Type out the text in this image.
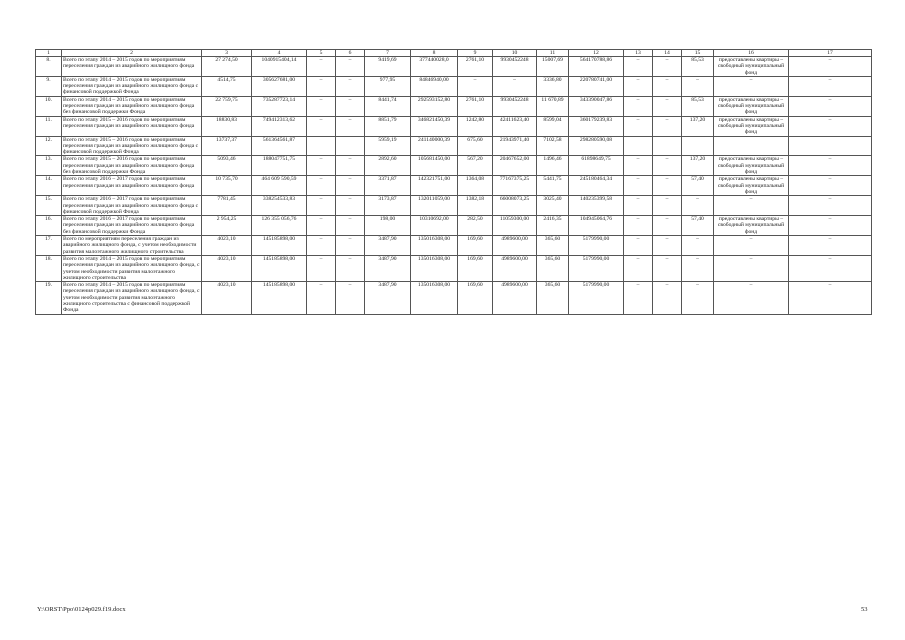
1	2	3	4	5	6	7	8	9	10	11	12	13	14	15	16	17
8.	Всего по этапу 2014 – 2015 годов по мероприятиям переселения граждан из аварийного жилищного фонда	27 274,50	1040915404,14	–	–	9419,69	377440028,0	2761,10	9930452248	15007,69	564170788,86	–	–	85,53	предоставлены квартиры – свободный муниципальный фонд	–
9.	Всего по этапу 2014 – 2015 годов по мероприятиям переселения граждан из аварийного жилищного фонда с финансовой поддержкой Фонда	4514,75	305627681,00	–	–	977,95	84846940,00	–	–	3336,80	220780741,00	–	–	–	–	–
10.	Всего по этапу 2014 – 2015 годов по мероприятиям переселения граждан из аварийного жилищного фонда без финансовой поддержки Фонда	22 759,75	735287723,14	–	–	8441,74	292593152,80	2761,10	9930452248	11 670,89	343390047,86	–	–	85,53	предоставлены квартиры – свободный муниципальный фонд	–
11.	Всего по этапу 2015 – 2016 годов по мероприятиям переселения граждан из аварийного жилищного фонда	18830,83	749412313,62	–	–	8851,79	346821450,39	1242,80	42411623,40	8599,04	360179239,83	–	–	137,20	предоставлены квартиры – свободный муниципальный фонд	–
12.	Всего по этапу 2015 – 2016 годов по мероприятиям переселения граждан из аварийного жилищного фонда с финансовой поддержкой Фонда	13737,37	561364561,87			5959,19	241140000,39	675,60	21943971,40	7102,58	298280590,08					
13.	Всего по этапу 2015 – 2016 годов по мероприятиям переселения граждан из аварийного жилищного фонда без финансовой поддержки Фонда	5093,46	188047751,75	–	–	2892,60	105681450,00	567,20	20467652,00	1496,46	61898649,75	–	–	137,20	предоставлены квартиры – свободный муниципальный фонд	–
14.	Всего по этапу 2016 – 2017 годов по мероприятиям переселения граждан из аварийного жилищного фонда	10 735,70	464 609 590,59	–	–	3371,87	142321751,00	1364,08	77167375,25	5441,75	245180464,34	–	–	57,40	предоставлены квартиры – свободный муниципальный фонд	–
15.	Всего по этапу 2016 – 2017 годов по мероприятиям переселения граждан из аварийного жилищного фонда с финансовой поддержкой Фонда	7781,45	338254533,83	–	–	3173,87	132011059,00	1382,18	66008073,25	3025,40	140235399,58	–	–	–	–	–
16.	Всего по этапу 2016 – 2017 годов по мероприятиям переселения граждан из аварийного жилищного фонда без финансовой поддержки Фонда	2 954,25	126 355 056,76	–	–	198,00	10310692,00	282,50	11059300,00	2416,35	104945064,76	–	–	57,40	предоставлены квартиры – свободный муниципальный фонд	–
17.	Всего по мероприятиям переселения граждан из аварийного жилищного фонда, с учетом необходимости развития малоэтажного жилищного строительства	4023,10	145185898,00	–	–	3487,90	135016308,00	169,60	4989600,00	365,60	5179990,00	–	–	–	–	–
18.	Всего по этапу 2014 – 2015 годов по мероприятиям переселения граждан из аварийного жилищного фонда, с учетом необходимости развития малоэтажного жилищного строительства	4023,10	145185898,00	–	–	3487,90	135016308,00	169,60	4989600,00	365,60	5179990,00	–	–	–	–	–
19.	Всего по этапу 2014 – 2015 годов по мероприятиям переселения граждан из аварийного жилищного фонда, с учетом необходимости развития малоэтажного жилищного строительства с финансовой поддержкой Фонда	4023,10	145185898,00	–	–	3487,90	135016308,00	169,60	4989600,00	365,60	5179990,00	–	–	–	–	–
Y:\ORST\Ppo\0124p029.f19.docx	53
